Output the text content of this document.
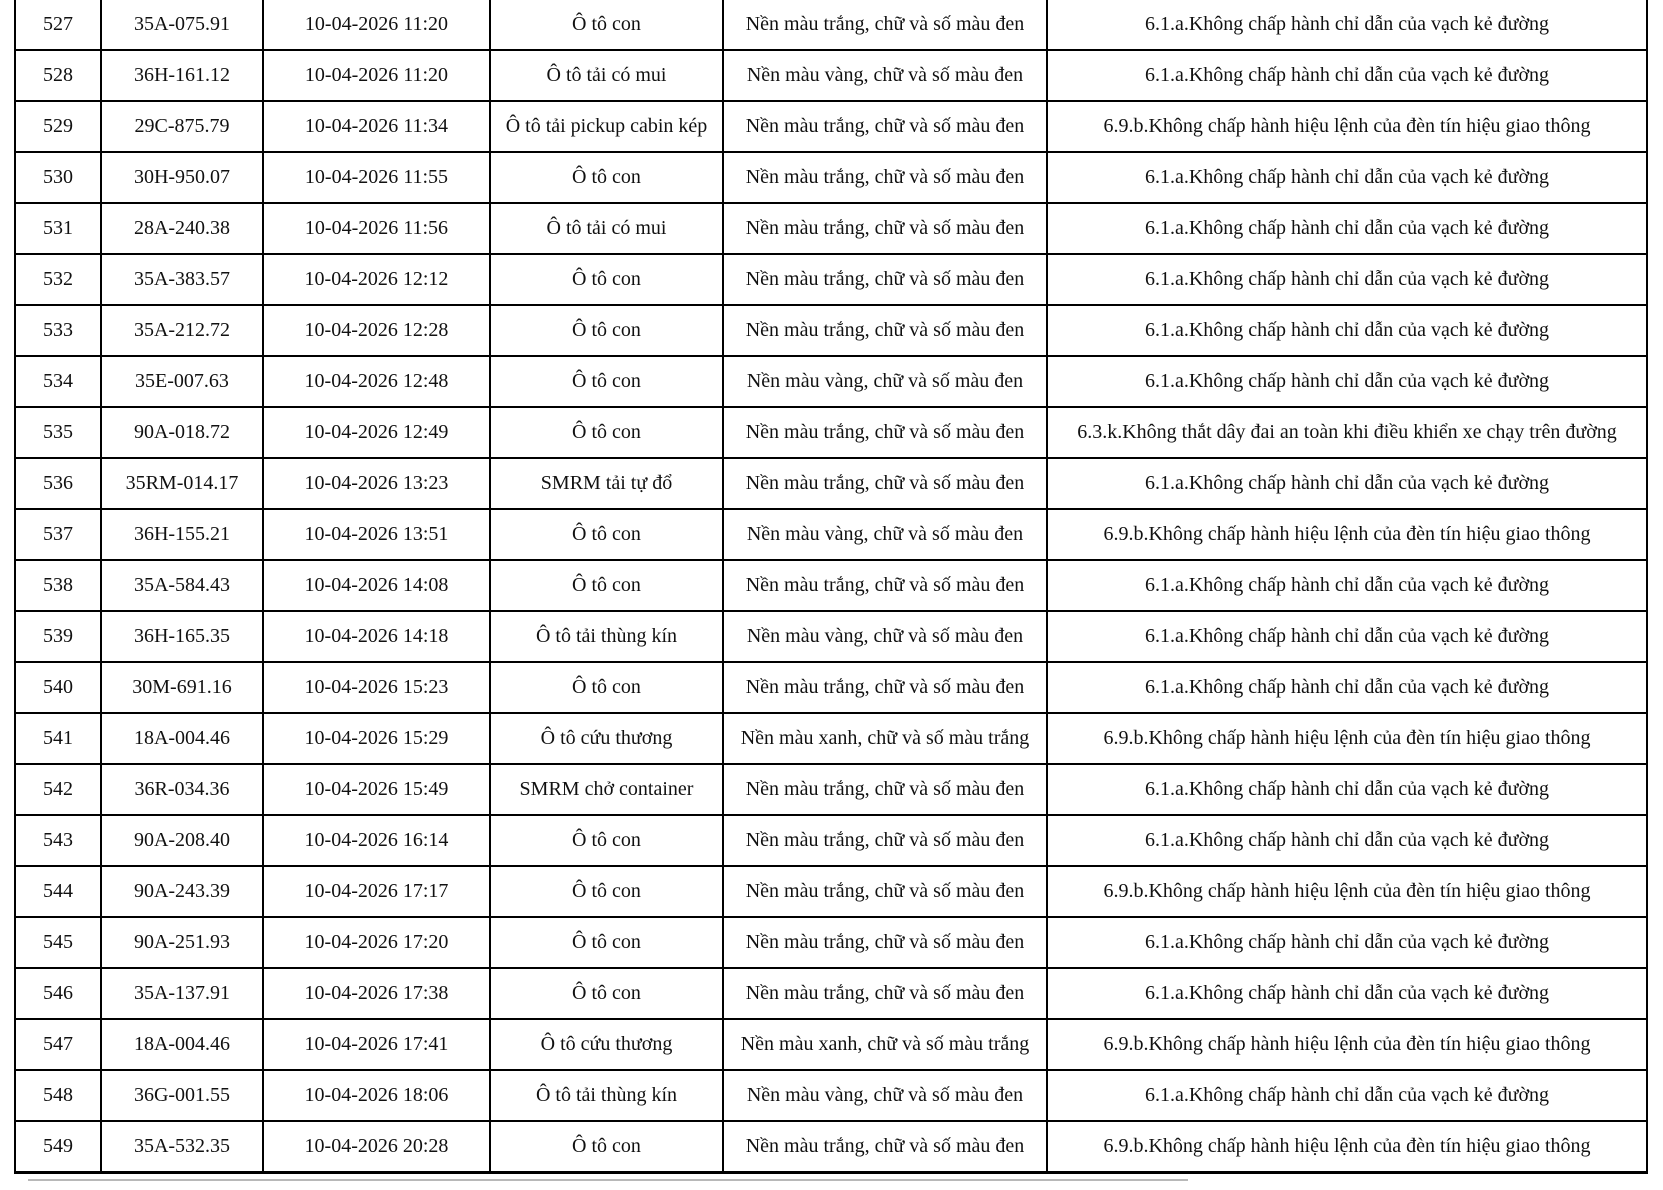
527	35A-075.91	10-04-2026 11:20	Ô tô con	Nền màu trắng, chữ và số màu đen	6.1.a.Không chấp hành chỉ dẫn của vạch kẻ đường
528	36H-161.12	10-04-2026 11:20	Ô tô tải có mui	Nền màu vàng, chữ và số màu đen	6.1.a.Không chấp hành chỉ dẫn của vạch kẻ đường
529	29C-875.79	10-04-2026 11:34	Ô tô tải pickup cabin kép	Nền màu trắng, chữ và số màu đen	6.9.b.Không chấp hành hiệu lệnh của đèn tín hiệu giao thông
530	30H-950.07	10-04-2026 11:55	Ô tô con	Nền màu trắng, chữ và số màu đen	6.1.a.Không chấp hành chỉ dẫn của vạch kẻ đường
531	28A-240.38	10-04-2026 11:56	Ô tô tải có mui	Nền màu trắng, chữ và số màu đen	6.1.a.Không chấp hành chỉ dẫn của vạch kẻ đường
532	35A-383.57	10-04-2026 12:12	Ô tô con	Nền màu trắng, chữ và số màu đen	6.1.a.Không chấp hành chỉ dẫn của vạch kẻ đường
533	35A-212.72	10-04-2026 12:28	Ô tô con	Nền màu trắng, chữ và số màu đen	6.1.a.Không chấp hành chỉ dẫn của vạch kẻ đường
534	35E-007.63	10-04-2026 12:48	Ô tô con	Nền màu vàng, chữ và số màu đen	6.1.a.Không chấp hành chỉ dẫn của vạch kẻ đường
535	90A-018.72	10-04-2026 12:49	Ô tô con	Nền màu trắng, chữ và số màu đen	6.3.k.Không thắt dây đai an toàn khi điều khiển xe chạy trên đường
536	35RM-014.17	10-04-2026 13:23	SMRM tải tự đổ	Nền màu trắng, chữ và số màu đen	6.1.a.Không chấp hành chỉ dẫn của vạch kẻ đường
537	36H-155.21	10-04-2026 13:51	Ô tô con	Nền màu vàng, chữ và số màu đen	6.9.b.Không chấp hành hiệu lệnh của đèn tín hiệu giao thông
538	35A-584.43	10-04-2026 14:08	Ô tô con	Nền màu trắng, chữ và số màu đen	6.1.a.Không chấp hành chỉ dẫn của vạch kẻ đường
539	36H-165.35	10-04-2026 14:18	Ô tô tải thùng kín	Nền màu vàng, chữ và số màu đen	6.1.a.Không chấp hành chỉ dẫn của vạch kẻ đường
540	30M-691.16	10-04-2026 15:23	Ô tô con	Nền màu trắng, chữ và số màu đen	6.1.a.Không chấp hành chỉ dẫn của vạch kẻ đường
541	18A-004.46	10-04-2026 15:29	Ô tô cứu thương	Nền màu xanh, chữ và số màu trắng	6.9.b.Không chấp hành hiệu lệnh của đèn tín hiệu giao thông
542	36R-034.36	10-04-2026 15:49	SMRM chở container	Nền màu trắng, chữ và số màu đen	6.1.a.Không chấp hành chỉ dẫn của vạch kẻ đường
543	90A-208.40	10-04-2026 16:14	Ô tô con	Nền màu trắng, chữ và số màu đen	6.1.a.Không chấp hành chỉ dẫn của vạch kẻ đường
544	90A-243.39	10-04-2026 17:17	Ô tô con	Nền màu trắng, chữ và số màu đen	6.9.b.Không chấp hành hiệu lệnh của đèn tín hiệu giao thông
545	90A-251.93	10-04-2026 17:20	Ô tô con	Nền màu trắng, chữ và số màu đen	6.1.a.Không chấp hành chỉ dẫn của vạch kẻ đường
546	35A-137.91	10-04-2026 17:38	Ô tô con	Nền màu trắng, chữ và số màu đen	6.1.a.Không chấp hành chỉ dẫn của vạch kẻ đường
547	18A-004.46	10-04-2026 17:41	Ô tô cứu thương	Nền màu xanh, chữ và số màu trắng	6.9.b.Không chấp hành hiệu lệnh của đèn tín hiệu giao thông
548	36G-001.55	10-04-2026 18:06	Ô tô tải thùng kín	Nền màu vàng, chữ và số màu đen	6.1.a.Không chấp hành chỉ dẫn của vạch kẻ đường
549	35A-532.35	10-04-2026 20:28	Ô tô con	Nền màu trắng, chữ và số màu đen	6.9.b.Không chấp hành hiệu lệnh của đèn tín hiệu giao thông
